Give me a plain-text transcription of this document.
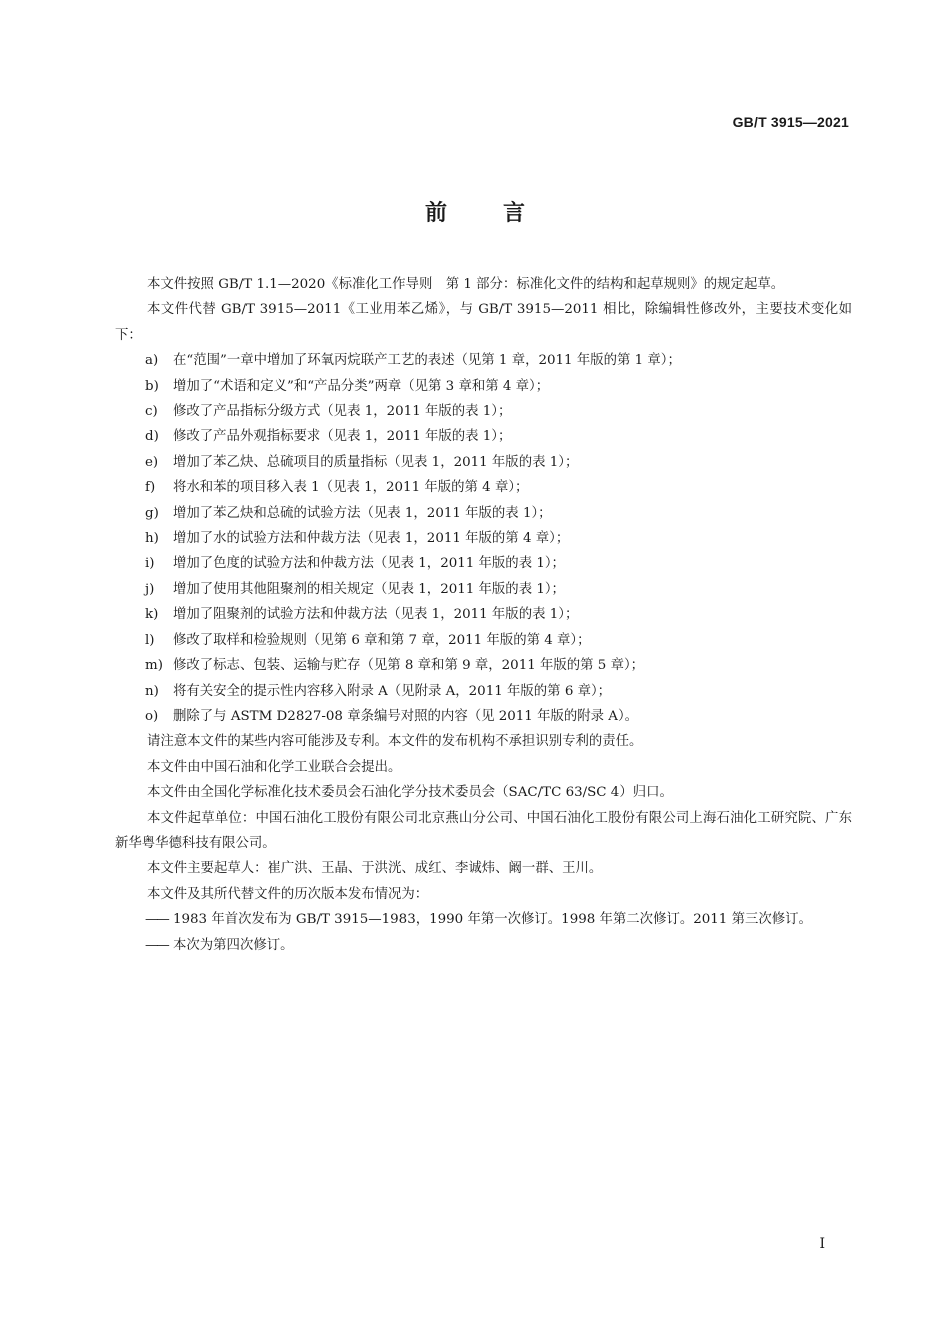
GB/T 3915—2021
前	言

本文件按照 GB/T 1.1—2020《标准化工作导则　第 1 部分：标准化文件的结构和起草规则》的规定起草。

本文件代替 GB/T 3915—2011《工业用苯乙烯》，与 GB/T 3915—2011 相比，除编辑性修改外，主要技术变化如下：

a)	在“范围”一章中增加了环氧丙烷联产工艺的表述（见第 1 章，2011 年版的第 1 章）；
b)	增加了“术语和定义”和“产品分类”两章（见第 3 章和第 4 章）；
c)	修改了产品指标分级方式（见表 1，2011 年版的表 1）；
d)	修改了产品外观指标要求（见表 1，2011 年版的表 1）；
e)	增加了苯乙炔、总硫项目的质量指标（见表 1，2011 年版的表 1）；
f)	将水和苯的项目移入表 1（见表 1，2011 年版的第 4 章）；
g)	增加了苯乙炔和总硫的试验方法（见表 1，2011 年版的表 1）；
h)	增加了水的试验方法和仲裁方法（见表 1，2011 年版的第 4 章）；
i)	增加了色度的试验方法和仲裁方法（见表 1，2011 年版的表 1）；
j)	增加了使用其他阻聚剂的相关规定（见表 1，2011 年版的表 1）；
k)	增加了阻聚剂的试验方法和仲裁方法（见表 1，2011 年版的表 1）；
l)	修改了取样和检验规则（见第 6 章和第 7 章，2011 年版的第 4 章）；
m) 修改了标志、包装、运输与贮存（见第 8 章和第 9 章，2011 年版的第 5 章）；
n)	将有关安全的提示性内容移入附录 A（见附录 A，2011 年版的第 6 章）；
o)	删除了与 ASTM D2827-08 章条编号对照的内容（见 2011 年版的附录 A）。

请注意本文件的某些内容可能涉及专利。本文件的发布机构不承担识别专利的责任。

本文件由中国石油和化学工业联合会提出。

本文件由全国化学标准化技术委员会石油化学分技术委员会（SAC/TC 63/SC 4）归口。

本文件起草单位：中国石油化工股份有限公司北京燕山分公司、中国石油化工股份有限公司上海石油化工研究院、广东新华粤华德科技有限公司。

本文件主要起草人：崔广洪、王晶、于洪洸、成红、李诚炜、阚一群、王川。

本文件及其所代替文件的历次版本发布情况为：

—— 1983 年首次发布为 GB/T 3915—1983，1990 年第一次修订。1998 年第二次修订。2011 第三次修订。
—— 本次为第四次修订。
I
